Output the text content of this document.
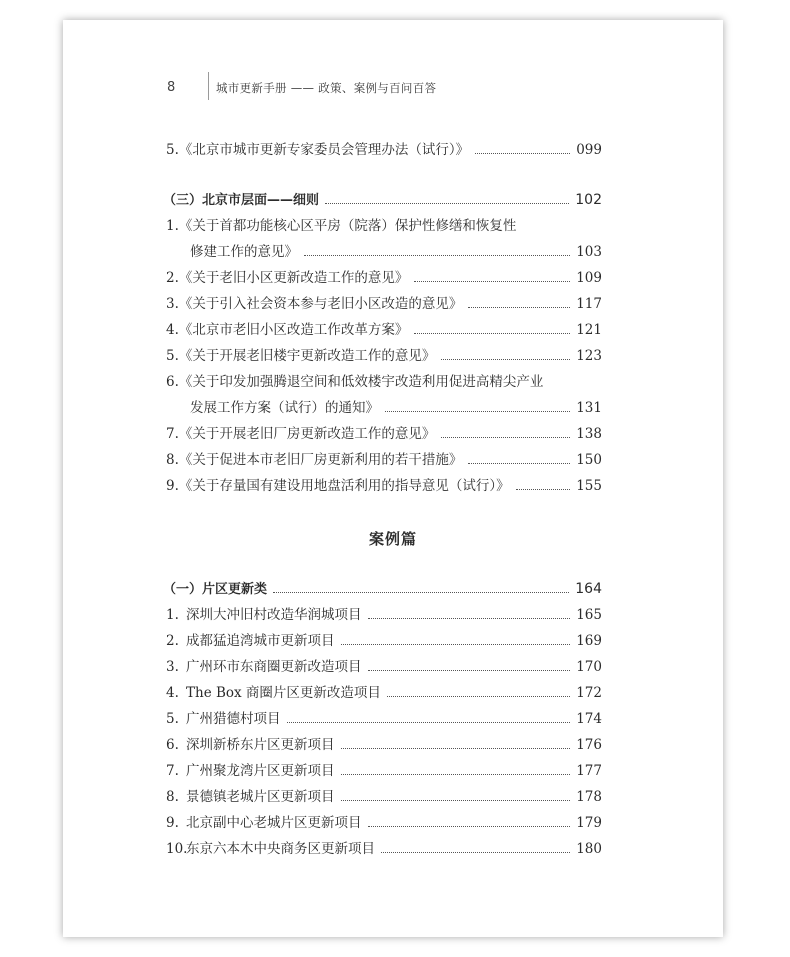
8	城市更新手册 —— 政策、案例与百问百答
5. 《北京市城市更新专家委员会管理办法（试行）》	099
（三）北京市层面——细则	102
1. 《关于首都功能核心区平房（院落）保护性修缮和恢复性
修建工作的意见》	103
2. 《关于老旧小区更新改造工作的意见》	109
3. 《关于引入社会资本参与老旧小区改造的意见》	117
4. 《北京市老旧小区改造工作改革方案》	121
5. 《关于开展老旧楼宇更新改造工作的意见》	123
6. 《关于印发加强腾退空间和低效楼宇改造利用促进高精尖产业
发展工作方案（试行）的通知》	131
7. 《关于开展老旧厂房更新改造工作的意见》	138
8. 《关于促进本市老旧厂房更新利用的若干措施》	150
9. 《关于存量国有建设用地盘活利用的指导意见（试行）》	155
案例篇
（一）片区更新类	164
1. 深圳大冲旧村改造华润城项目	165
2. 成都猛追湾城市更新项目	169
3. 广州环市东商圈更新改造项目	170
4. The Box 商圈片区更新改造项目	172
5. 广州猎德村项目	174
6. 深圳新桥东片区更新项目	176
7. 广州聚龙湾片区更新项目	177
8. 景德镇老城片区更新项目	178
9. 北京副中心老城片区更新项目	179
10.
东京六本木中央商务区更新项目	180
